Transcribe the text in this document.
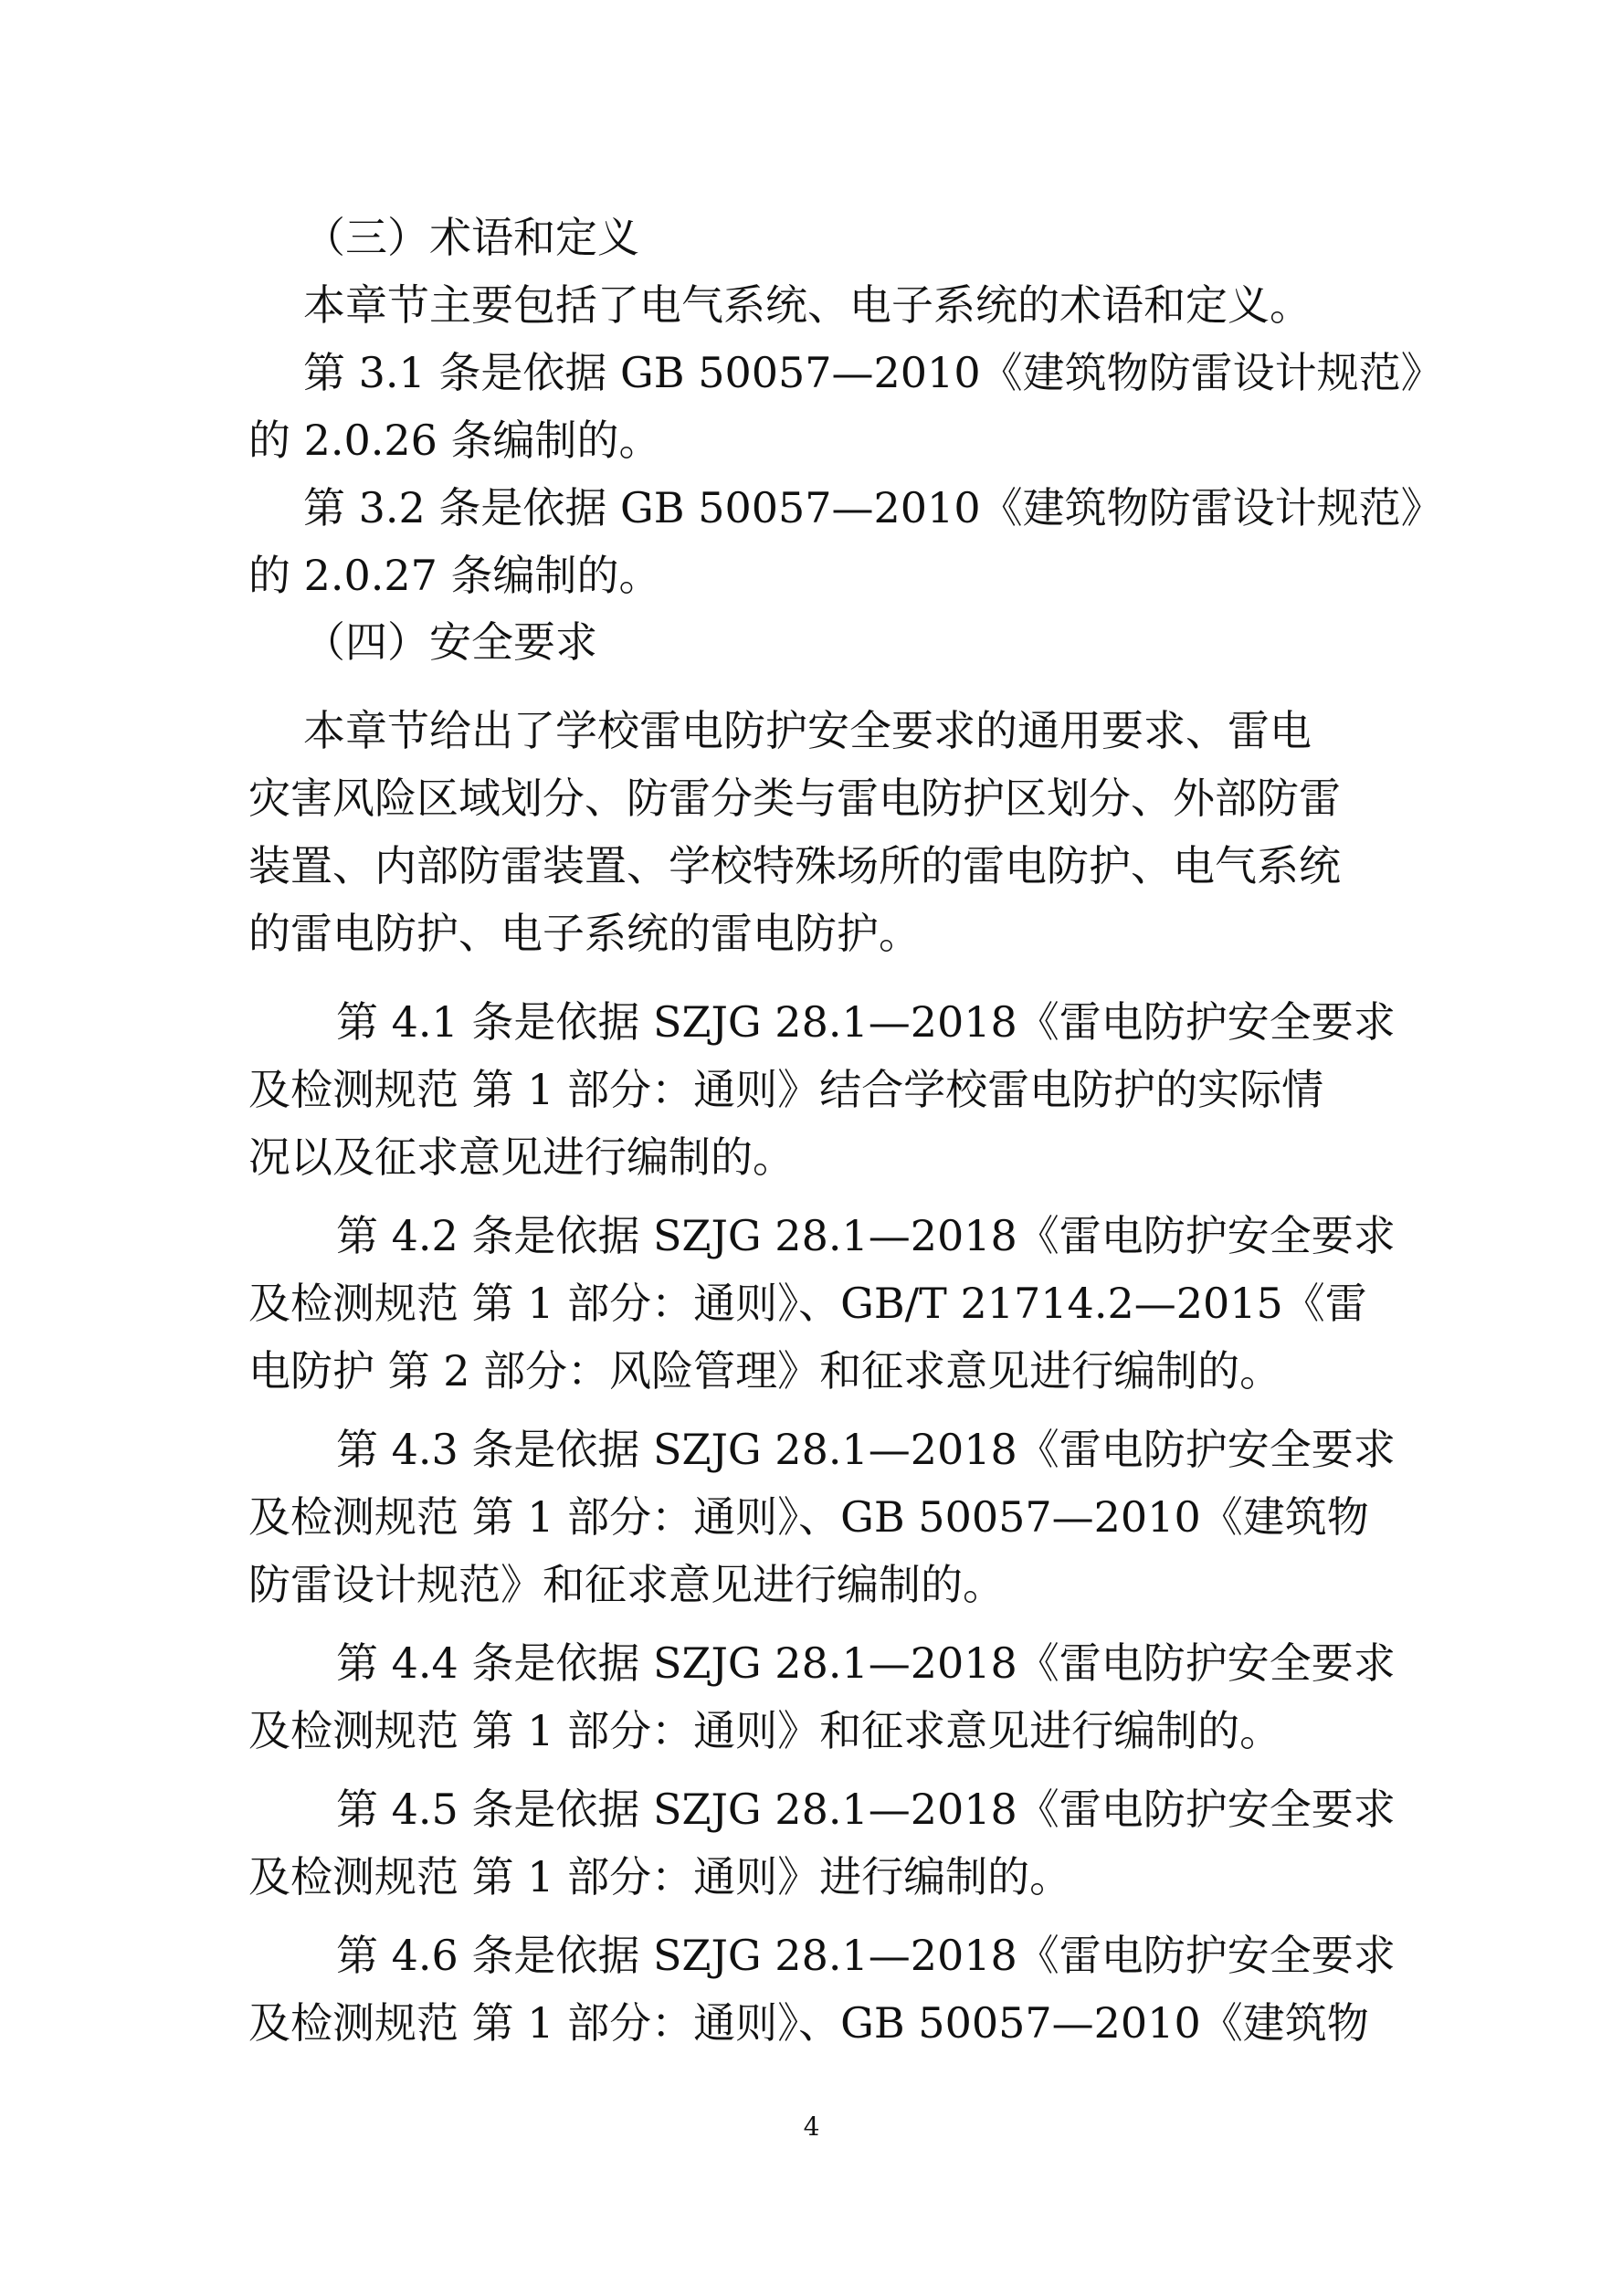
（三）术语和定义
本章节主要包括了电气系统、电子系统的术语和定义。
第 3.1 条是依据 GB 50057—2010《建筑物防雷设计规范》
的 2.0.26 条编制的。
第 3.2 条是依据 GB 50057—2010《建筑物防雷设计规范》
的 2.0.27 条编制的。
（四）安全要求
本章节给出了学校雷电防护安全要求的通用要求、雷电
灾害风险区域划分、防雷分类与雷电防护区划分、外部防雷
装置、内部防雷装置、学校特殊场所的雷电防护、电气系统
的雷电防护、电子系统的雷电防护。
第 4.1 条是依据 SZJG 28.1—2018《雷电防护安全要求
及检测规范 第 1 部分：通则》结合学校雷电防护的实际情
况以及征求意见进行编制的。
第 4.2 条是依据 SZJG 28.1—2018《雷电防护安全要求
及检测规范 第 1 部分：通则》、GB/T 21714.2—2015《雷
电防护 第 2 部分：风险管理》和征求意见进行编制的。
第 4.3 条是依据 SZJG 28.1—2018《雷电防护安全要求
及检测规范 第 1 部分：通则》、GB 50057—2010《建筑物
防雷设计规范》和征求意见进行编制的。
第 4.4 条是依据 SZJG 28.1—2018《雷电防护安全要求
及检测规范 第 1 部分：通则》和征求意见进行编制的。
第 4.5 条是依据 SZJG 28.1—2018《雷电防护安全要求
及检测规范 第 1 部分：通则》进行编制的。
第 4.6 条是依据 SZJG 28.1—2018《雷电防护安全要求
及检测规范 第 1 部分：通则》、GB 50057—2010《建筑物
4
